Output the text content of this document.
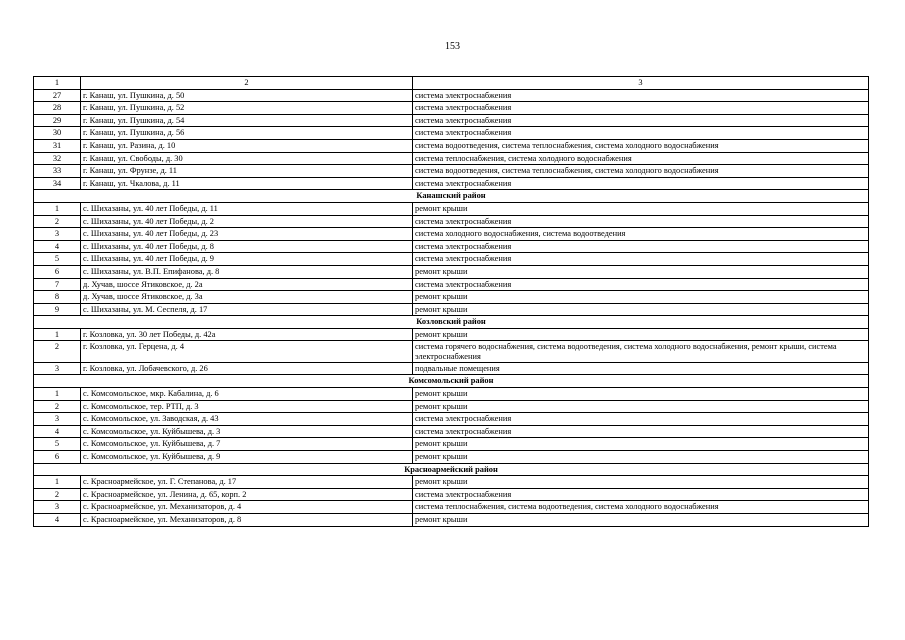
153
1	2	3
27	г. Канаш, ул. Пушкина, д. 50	система электроснабжения
28	г. Канаш, ул. Пушкина, д. 52	система электроснабжения
29	г. Канаш, ул. Пушкина, д. 54	система электроснабжения
30	г. Канаш, ул. Пушкина, д. 56	система электроснабжения
31	г. Канаш, ул. Разина, д. 10	система водоотведения, система теплоснабжения, система холодного водоснабжения
32	г. Канаш, ул. Свободы, д. 30	система теплоснабжения, система холодного водоснабжения
33	г. Канаш, ул. Фрунзе, д. 11	система водоотведения, система теплоснабжения, система холодного водоснабжения
34	г. Канаш, ул. Чкалова, д. 11	система электроснабжения
Канашский район		
1	с. Шихазаны, ул. 40 лет Победы, д. 11	ремонт крыши
2	с. Шихазаны, ул. 40 лет Победы, д. 2	система электроснабжения
3	с. Шихазаны, ул. 40 лет Победы, д. 23	система холодного водоснабжения, система водоотведения
4	с. Шихазаны, ул. 40 лет Победы, д. 8	система электроснабжения
5	с. Шихазаны, ул. 40 лет Победы, д. 9	система электроснабжения
6	с. Шихазаны, ул. В.П. Епифанова, д. 8	ремонт крыши
7	д. Хучав, шоссе Ятиковское, д. 2а	система электроснабжения
8	д. Хучав, шоссе Ятиковское, д. 3а	ремонт крыши
9	с. Шихазаны, ул. М. Сеспеля, д. 17	ремонт крыши
Козловский район		
1	г. Козловка, ул. 30 лет Победы, д. 42а	ремонт крыши
2	г. Козловка, ул. Герцена, д. 4	система горячего водоснабжения, система водоотведения, система холодного водоснабжения, ремонт крыши, система электроснабжения
3	г. Козловка, ул. Лобачевского, д. 26	подвальные помещения
Комсомольский район		
1	с. Комсомольское, мкр. Кабалина, д. 6	ремонт крыши
2	с. Комсомольское, тер. РТП, д. 3	ремонт крыши
3	с. Комсомольское, ул. Заводская, д. 43	система электроснабжения
4	с. Комсомольское, ул. Куйбышева, д. 3	система электроснабжения
5	с. Комсомольское, ул. Куйбышева, д. 7	ремонт крыши
6	с. Комсомольское, ул. Куйбышева, д. 9	ремонт крыши
Красноармейский район		
1	с. Красноармейское, ул. Г. Степанова, д. 17	ремонт крыши
2	с. Красноармейское, ул. Ленина, д. 65, корп. 2	система электроснабжения
3	с. Красноармейское, ул. Механизаторов, д. 4	система теплоснабжения, система водоотведения, система холодного водоснабжения
4	с. Красноармейское, ул. Механизаторов, д. 8	ремонт крыши
